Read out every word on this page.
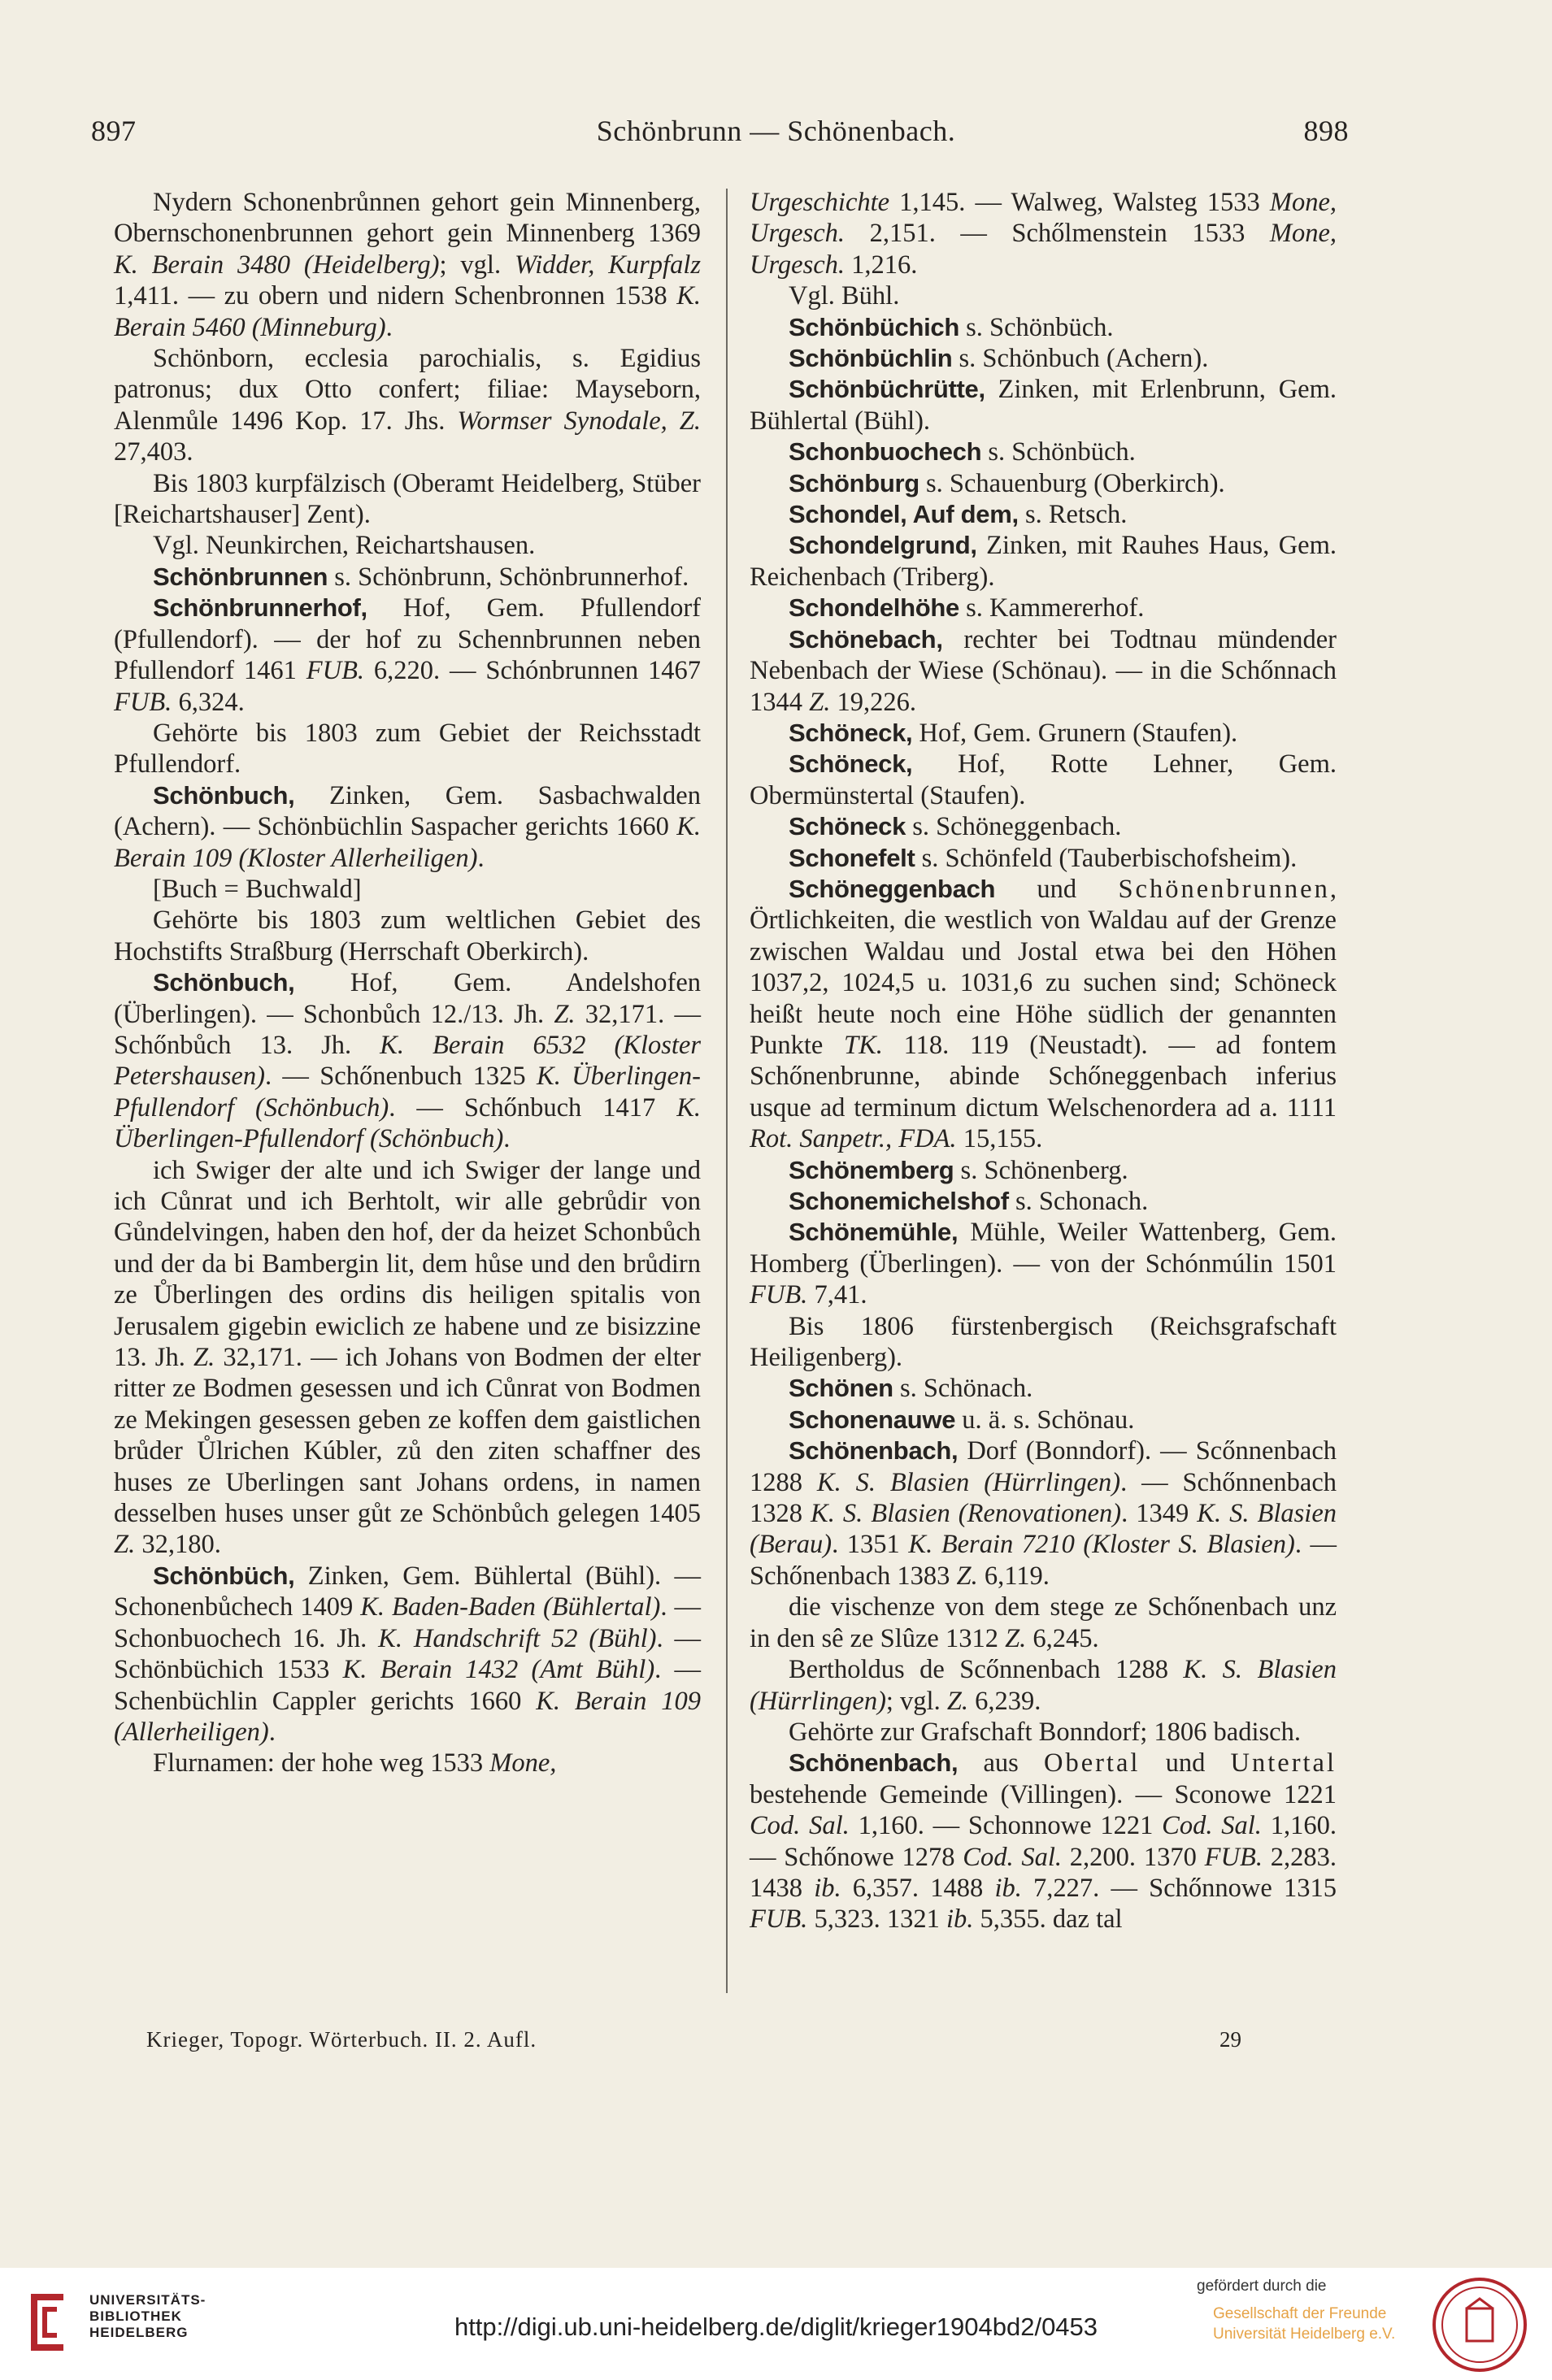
897	Schönbrunn — Schönenbach.	898

Nydern Schonenbrůnnen gehort gein Minnenberg, Obernschonenbrunnen gehort gein Minnenberg 1369 K. Berain 3480 (Heidelberg); vgl. Widder, Kurpfalz 1,411. — zu obern und nidern Schenbronnen 1538 K. Berain 5460 (Minneburg).

Schönborn, ecclesia parochialis, s. Egidius patronus; dux Otto confert; filiae: Mayseborn, Alenmůle 1496 Kop. 17. Jhs. Wormser Synodale, Z. 27,403.

Bis 1803 kurpfälzisch (Oberamt Heidelberg, Stüber [Reichartshauser] Zent).

Vgl. Neunkirchen, Reichartshausen.

Schönbrunnen s. Schönbrunn, Schönbrunnerhof.

Schönbrunnerhof, Hof, Gem. Pfullendorf (Pfullendorf). — der hof zu Schennbrunnen neben Pfullendorf 1461 FUB. 6,220. — Schónbrunnen 1467 FUB. 6,324.

Gehörte bis 1803 zum Gebiet der Reichsstadt Pfullendorf.

Schönbuch, Zinken, Gem. Sasbachwalden (Achern). — Schönbüchlin Saspacher gerichts 1660 K. Berain 109 (Kloster Allerheiligen).

[Buch = Buchwald]

Gehörte bis 1803 zum weltlichen Gebiet des Hochstifts Straßburg (Herrschaft Oberkirch).

Schönbuch, Hof, Gem. Andelshofen (Überlingen). — Schonbůch 12./13. Jh. Z. 32,171. — Schőnbůch 13. Jh. K. Berain 6532 (Kloster Petershausen). — Schőnenbuch 1325 K. Überlingen-Pfullendorf (Schönbuch). — Schőnbuch 1417 K. Überlingen-Pfullendorf (Schönbuch).

ich Swiger der alte und ich Swiger der lange und ich Cůnrat und ich Berhtolt, wir alle gebrůdir von Gůndelvingen, haben den hof, der da heizet Schonbůch und der da bi Bambergin lit, dem hůse und den brůdirn ze Ůberlingen des ordins dis heiligen spitalis von Jerusalem gigebin ewiclich ze habene und ze bisizzine 13. Jh. Z. 32,171. — ich Johans von Bodmen der elter ritter ze Bodmen gesessen und ich Cůnrat von Bodmen ze Mekingen gesessen geben ze koffen dem gaistlichen brůder Ůlrichen Kúbler, zů den ziten schaffner des huses ze Uberlingen sant Johans ordens, in namen desselben huses unser gůt ze Schönbůch gelegen 1405 Z. 32,180.

Schönbüch, Zinken, Gem. Bühlertal (Bühl). — Schonenbůchech 1409 K. Baden-Baden (Bühlertal). — Schonbuochech 16. Jh. K. Handschrift 52 (Bühl). — Schönbüchich 1533 K. Berain 1432 (Amt Bühl). — Schenbüchlin Cappler gerichts 1660 K. Berain 109 (Allerheiligen).

Flurnamen: der hohe weg 1533 Mone,

Urgeschichte 1,145. — Walweg, Walsteg 1533 Mone, Urgesch. 2,151. — Schőlmenstein 1533 Mone, Urgesch. 1,216.

Vgl. Bühl.

Schönbüchich s. Schönbüch.

Schönbüchlin s. Schönbuch (Achern).

Schönbüchrütte, Zinken, mit Erlenbrunn, Gem. Bühlertal (Bühl).

Schonbuochech s. Schönbüch.

Schönburg s. Schauenburg (Oberkirch).

Schondel, Auf dem, s. Retsch.

Schondelgrund, Zinken, mit Rauhes Haus, Gem. Reichenbach (Triberg).

Schondelhöhe s. Kammererhof.

Schönebach, rechter bei Todtnau mündender Nebenbach der Wiese (Schönau). — in die Schőnnach 1344 Z. 19,226.

Schöneck, Hof, Gem. Grunern (Staufen).

Schöneck, Hof, Rotte Lehner, Gem. Obermünstertal (Staufen).

Schöneck s. Schöneggenbach.

Schonefelt s. Schönfeld (Tauberbischofsheim).

Schöneggenbach und Schönenbrunnen, Örtlichkeiten, die westlich von Waldau auf der Grenze zwischen Waldau und Jostal etwa bei den Höhen 1037,2, 1024,5 u. 1031,6 zu suchen sind; Schöneck heißt heute noch eine Höhe südlich der genannten Punkte TK. 118. 119 (Neustadt). — ad fontem Schőnenbrunne, abinde Schőneggenbach inferius usque ad terminum dictum Welschenordera ad a. 1111 Rot. Sanpetr., FDA. 15,155.

Schönemberg s. Schönenberg.

Schonemichelshof s. Schonach.

Schönemühle, Mühle, Weiler Wattenberg, Gem. Homberg (Überlingen). — von der Schónmúlin 1501 FUB. 7,41.

Bis 1806 fürstenbergisch (Reichsgrafschaft Heiligenberg).

Schönen s. Schönach.

Schonenauwe u. ä. s. Schönau.

Schönenbach, Dorf (Bonndorf). — Scőnnenbach 1288 K. S. Blasien (Hürrlingen). — Schőnnenbach 1328 K. S. Blasien (Renovationen). 1349 K. S. Blasien (Berau). 1351 K. Berain 7210 (Kloster S. Blasien). — Schőnenbach 1383 Z. 6,119.

die vischenze von dem stege ze Schőnenbach unz in den sê ze Slûze 1312 Z. 6,245.

Bertholdus de Scőnnenbach 1288 K. S. Blasien (Hürrlingen); vgl. Z. 6,239.

Gehörte zur Grafschaft Bonndorf; 1806 badisch.

Schönenbach, aus Obertal und Untertal bestehende Gemeinde (Villingen). — Sconowe 1221 Cod. Sal. 1,160. — Schonnowe 1221 Cod. Sal. 1,160. — Schőnowe 1278 Cod. Sal. 2,200. 1370 FUB. 2,283. 1438 ib. 6,357. 1488 ib. 7,227. — Schőnnowe 1315 FUB. 5,323. 1321 ib. 5,355. daz tal

Krieger, Topogr. Wörterbuch. II. 2. Aufl.	29
UNIVERSITÄTS-
BIBLIOTHEK
HEIDELBERG	http://digi.ub.uni-heidelberg.de/diglit/krieger1904bd2/0453
gefördert durch die
Gesellschaft der Freunde
Universität Heidelberg e.V.
